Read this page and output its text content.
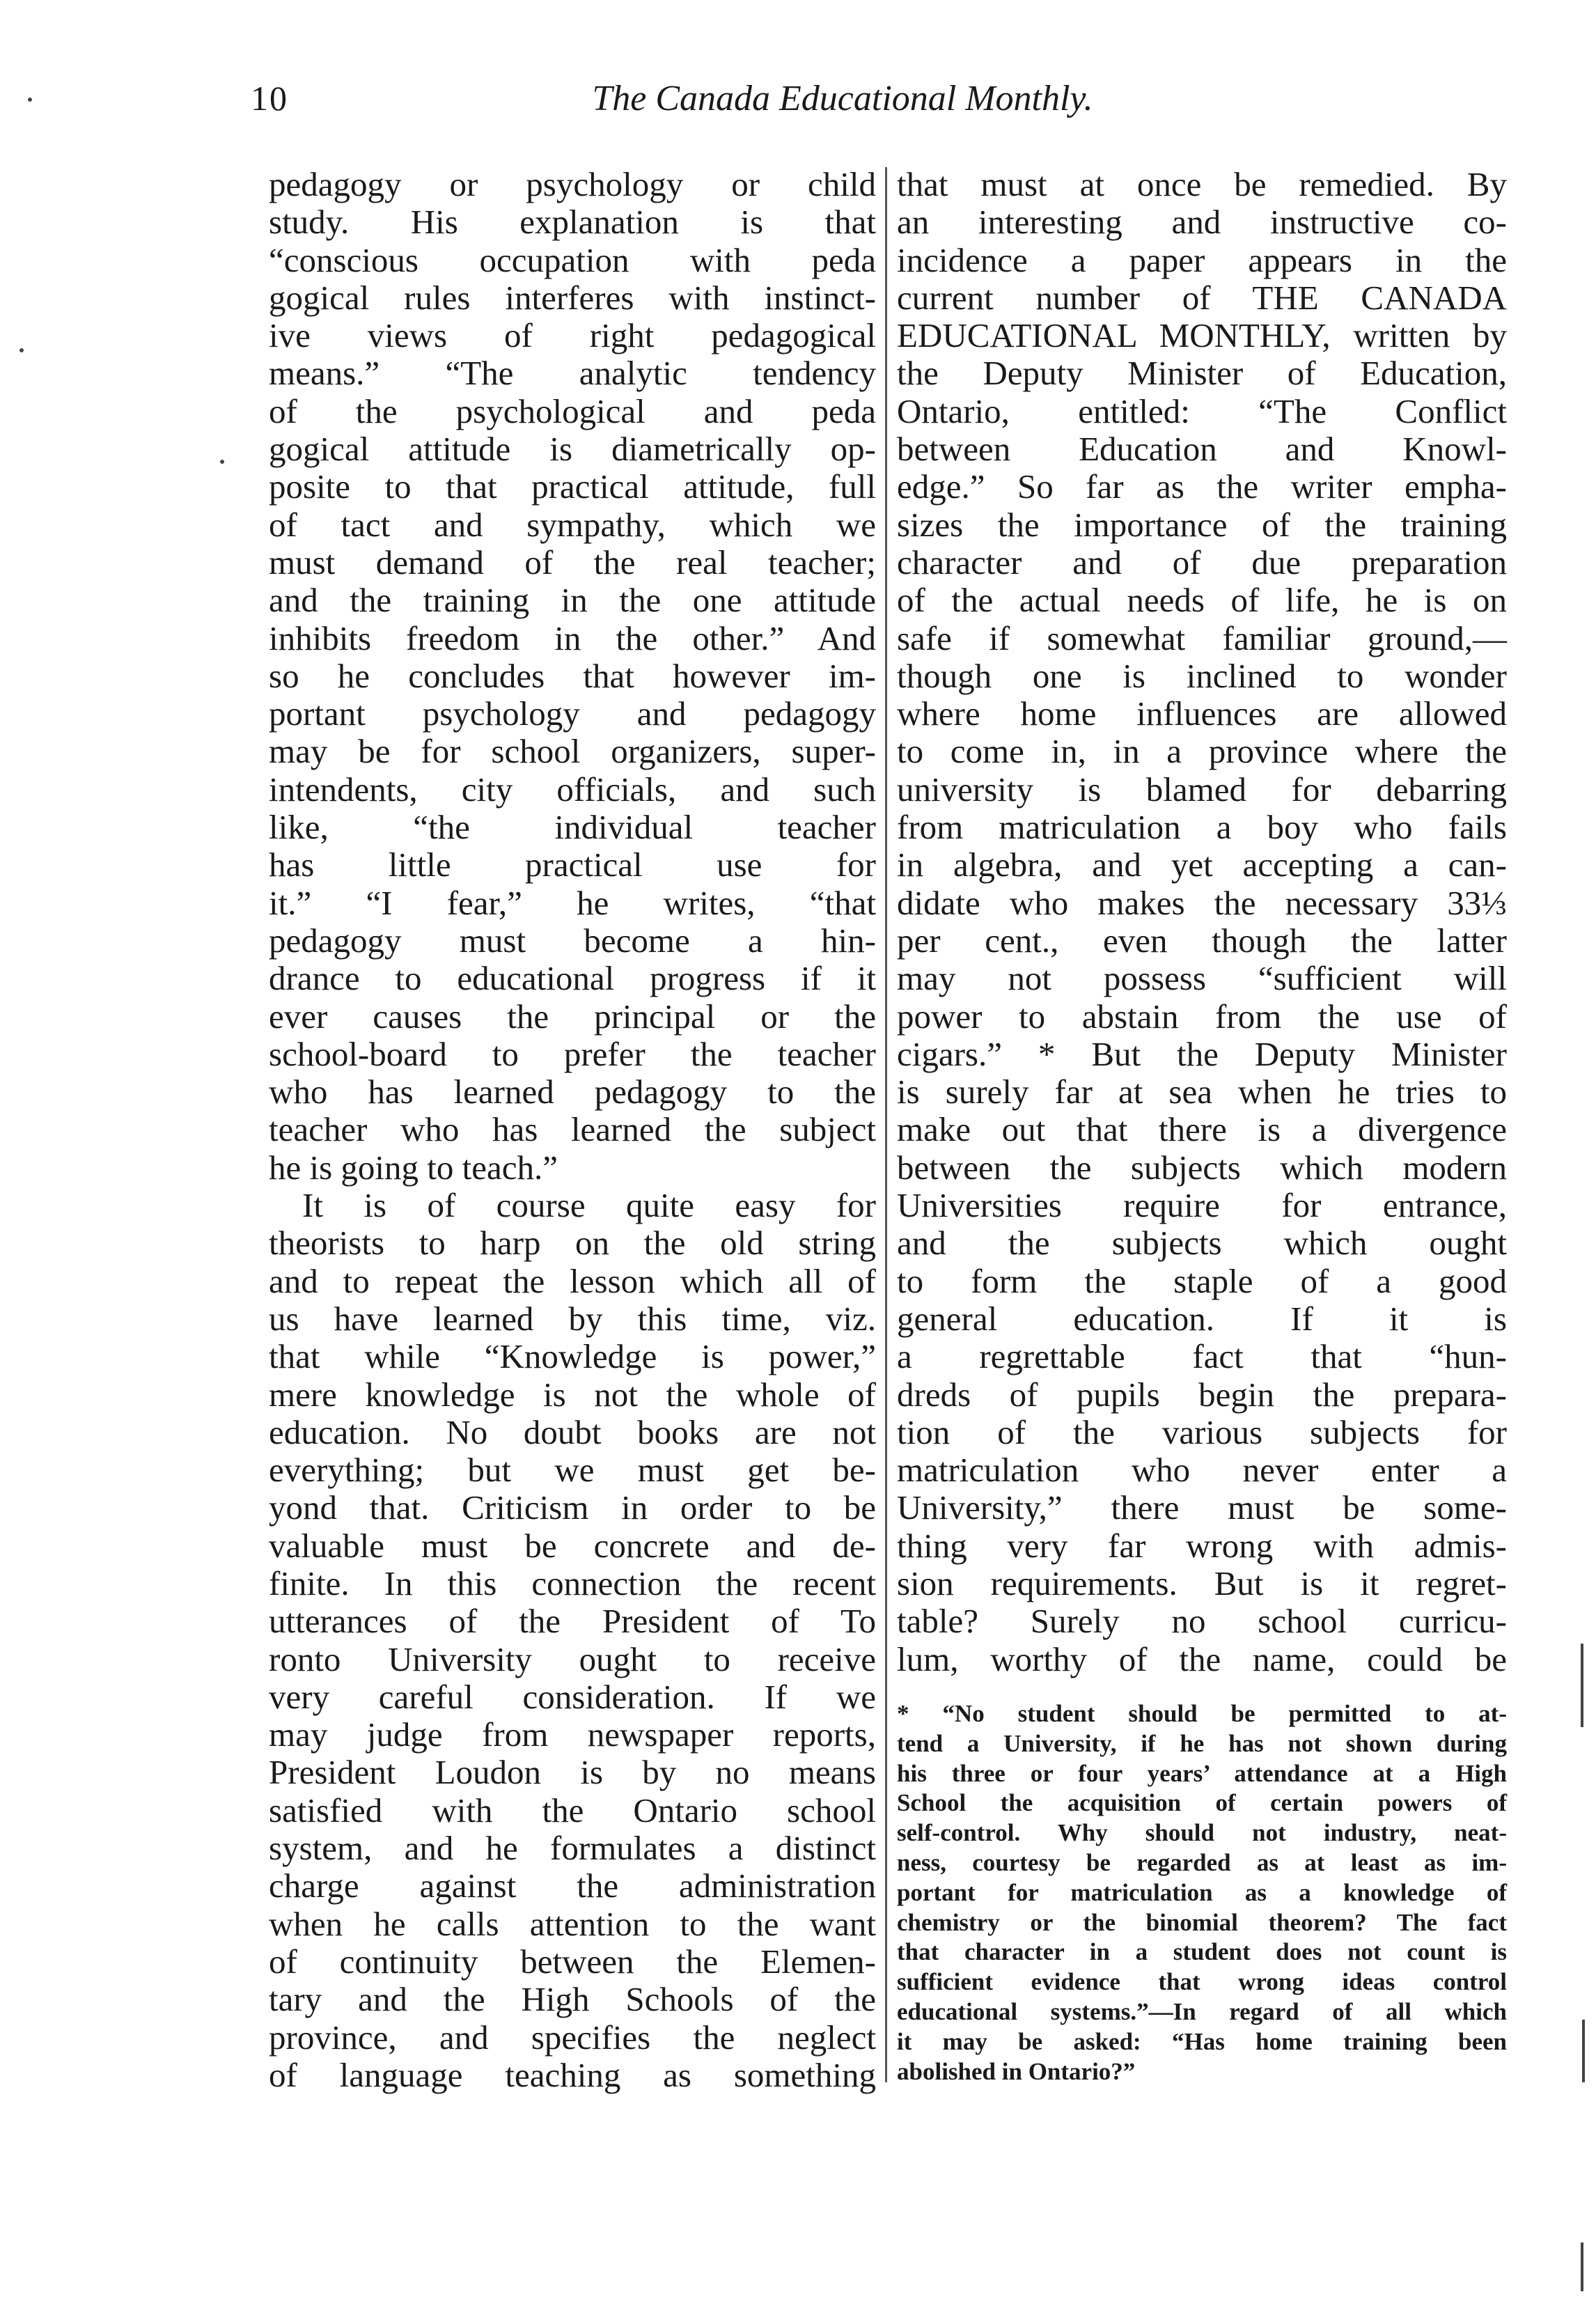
10	The Canada Educational Monthly.
pedagogy or psychology or child
study. His explanation is that
“conscious occupation with peda
gogical rules interferes with instinct-
ive views of right pedagogical
means.” “The analytic tendency
of the psychological and peda
gogical attitude is diametrically op-
posite to that practical attitude, full
of tact and sympathy, which we
must demand of the real teacher;
and the training in the one attitude
inhibits freedom in the other.” And
so he concludes that however im-
portant psychology and pedagogy
may be for school organizers, super-
intendents, city officials, and such
like, “the individual teacher
has little practical use for
it.” “I fear,” he writes, “that
pedagogy must become a hin-
drance to educational progress if it
ever causes the principal or the
school-board to prefer the teacher
who has learned pedagogy to the
teacher who has learned the subject
he is going to teach.”
It is of course quite easy for
theorists to harp on the old string
and to repeat the lesson which all of
us have learned by this time, viz.
that while “Knowledge is power,”
mere knowledge is not the whole of
education. No doubt books are not
everything; but we must get be-
yond that. Criticism in order to be
valuable must be concrete and de-
finite. In this connection the recent
utterances of the President of To
ronto University ought to receive
very careful consideration. If we
may judge from newspaper reports,
President Loudon is by no means
satisfied with the Ontario school
system, and he formulates a distinct
charge against the administration
when he calls attention to the want
of continuity between the Elemen-
tary and the High Schools of the
province, and specifies the neglect
of language teaching as something
that must at once be remedied. By
an interesting and instructive co-
incidence a paper appears in the
current number of THE CANADA
EDUCATIONAL MONTHLY, written by
the Deputy Minister of Education,
Ontario, entitled: “The Conflict
between Education and Knowl-
edge.” So far as the writer empha-
sizes the importance of the training
character and of due preparation
of the actual needs of life, he is on
safe if somewhat familiar ground,—
though one is inclined to wonder
where home influences are allowed
to come in, in a province where the
university is blamed for debarring
from matriculation a boy who fails
in algebra, and yet accepting a can-
didate who makes the necessary 33⅓
per cent., even though the latter
may not possess “sufficient will
power to abstain from the use of
cigars.” * But the Deputy Minister
is surely far at sea when he tries to
make out that there is a divergence
between the subjects which modern
Universities require for entrance,
and the subjects which ought
to form the staple of a good
general education. If it is
a regrettable fact that “hun-
dreds of pupils begin the prepara-
tion of the various subjects for
matriculation who never enter a
University,” there must be some-
thing very far wrong with admis-
sion requirements. But is it regret-
table? Surely no school curricu-
lum, worthy of the name, could be
* “No student should be permitted to at-
tend a University, if he has not shown during
his three or four years’ attendance at a High
School the acquisition of certain powers of
self-control. Why should not industry, neat-
ness, courtesy be regarded as at least as im-
portant for matriculation as a knowledge of
chemistry or the binomial theorem? The fact
that character in a student does not count is
sufficient evidence that wrong ideas control
educational systems.”—In regard of all which
it may be asked: “Has home training been
abolished in Ontario?”
